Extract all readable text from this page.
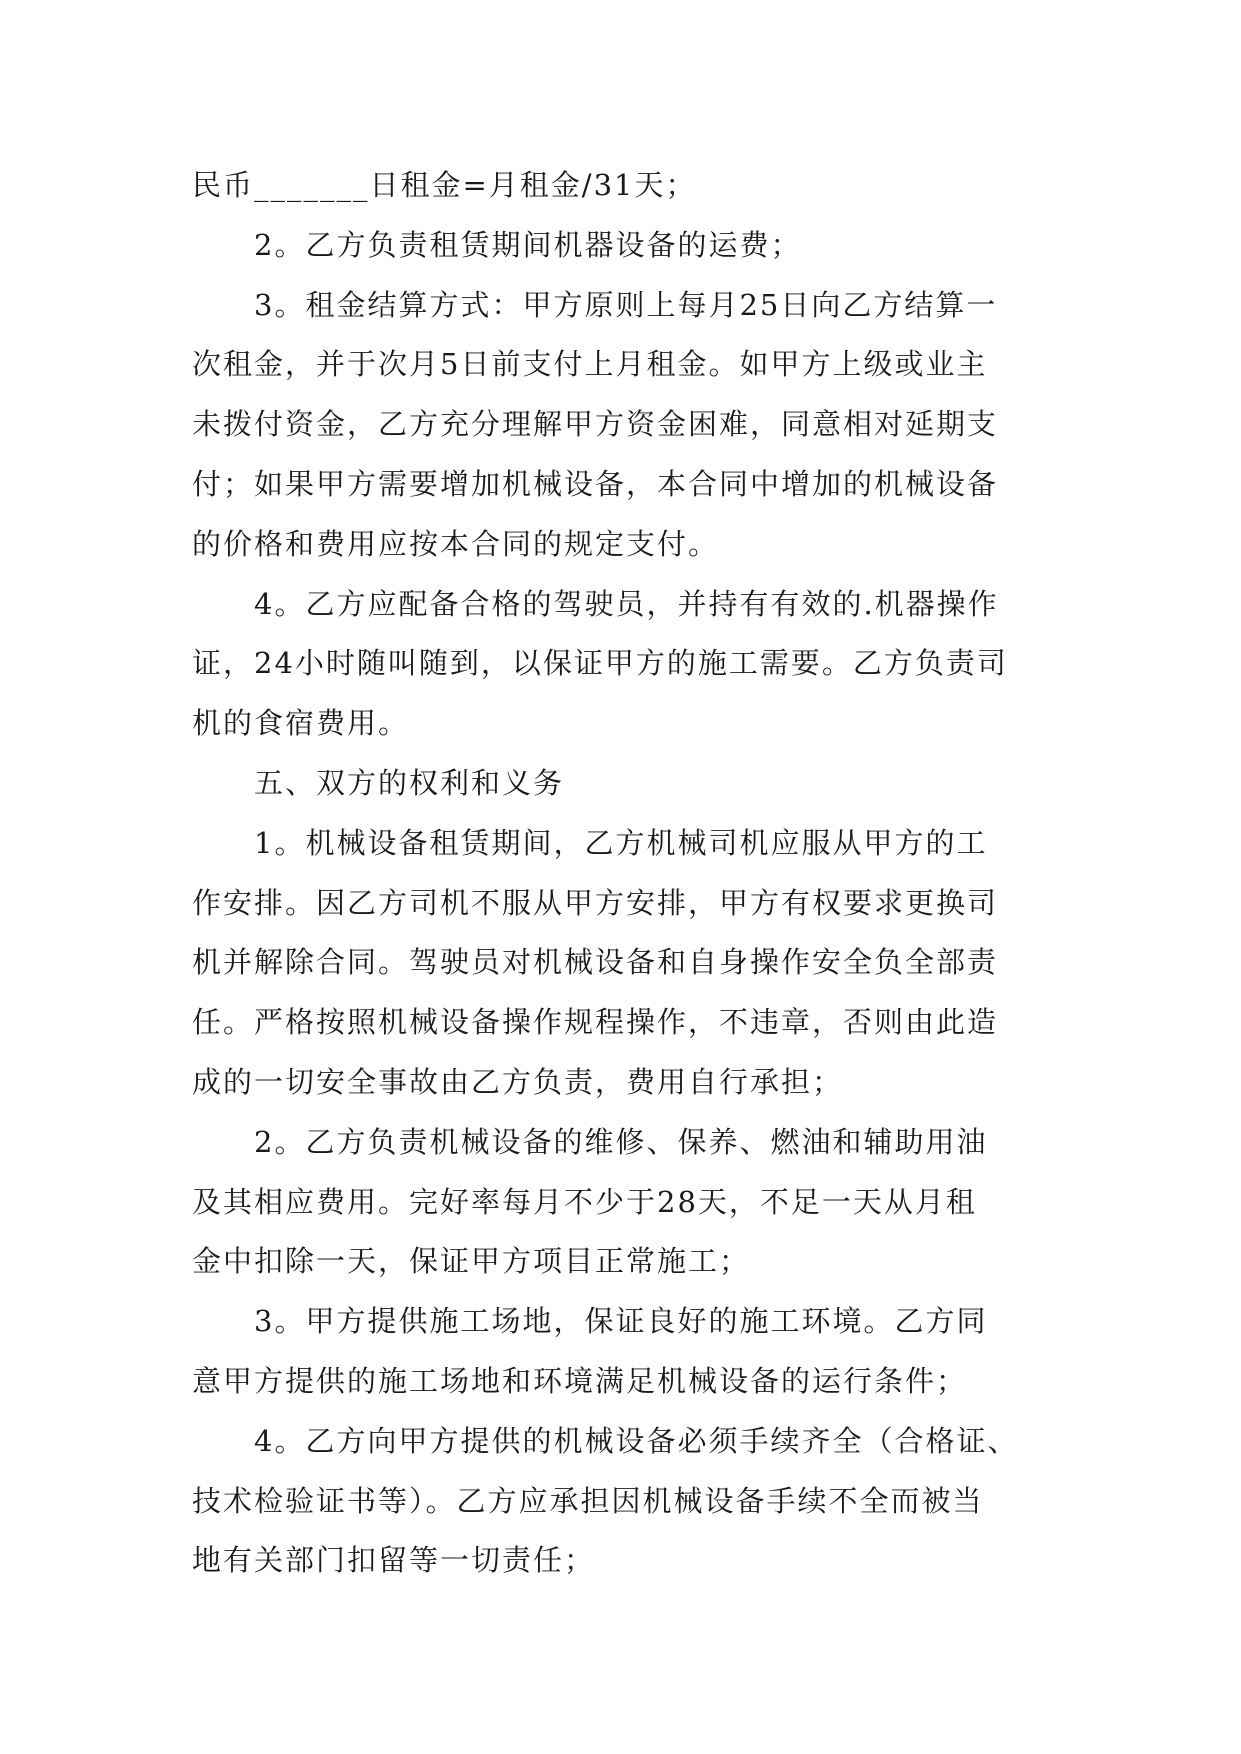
民币_______日租金=月租金/31天；
2。乙方负责租赁期间机器设备的运费；
3。租金结算方式：甲方原则上每月25日向乙方结算一
次租金，并于次月5日前支付上月租金。如甲方上级或业主
未拨付资金，乙方充分理解甲方资金困难，同意相对延期支
付；如果甲方需要增加机械设备，本合同中增加的机械设备
的价格和费用应按本合同的规定支付。
4。乙方应配备合格的驾驶员，并持有有效的.机器操作
证，24小时随叫随到，以保证甲方的施工需要。乙方负责司
机的食宿费用。
五、双方的权利和义务
1。机械设备租赁期间，乙方机械司机应服从甲方的工
作安排。因乙方司机不服从甲方安排，甲方有权要求更换司
机并解除合同。驾驶员对机械设备和自身操作安全负全部责
任。严格按照机械设备操作规程操作，不违章，否则由此造
成的一切安全事故由乙方负责，费用自行承担；
2。乙方负责机械设备的维修、保养、燃油和辅助用油
及其相应费用。完好率每月不少于28天，不足一天从月租
金中扣除一天，保证甲方项目正常施工；
3。甲方提供施工场地，保证良好的施工环境。乙方同
意甲方提供的施工场地和环境满足机械设备的运行条件；
4。乙方向甲方提供的机械设备必须手续齐全（合格证、
技术检验证书等）。乙方应承担因机械设备手续不全而被当
地有关部门扣留等一切责任；
